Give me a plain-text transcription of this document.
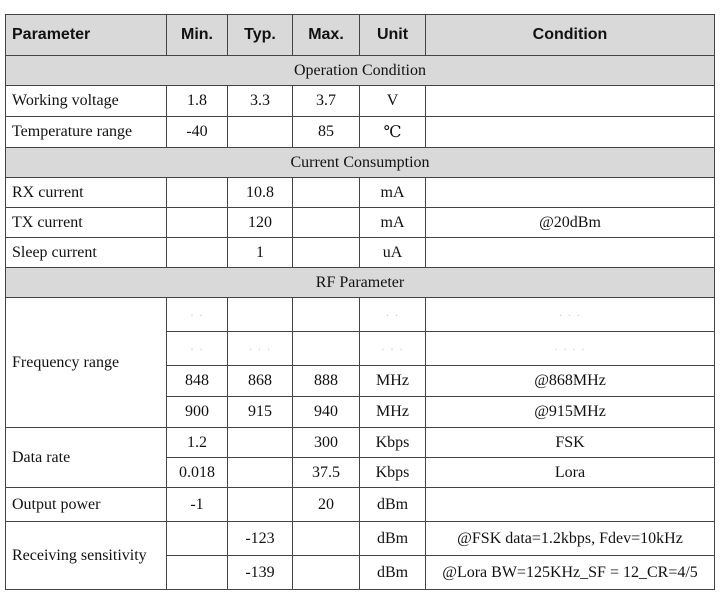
Parameter	Min.	Typ.	Max.	Unit	Condition
Operation Condition					
Working voltage	1.8	3.3	3.7	V	
Temperature range	-40		85	℃	
Current Consumption					
RX current		10.8		mA	
TX current		120		mA	@20dBm
Sleep current		1		uA	
RF Parameter					
Frequency range	· ·			· ·	· · ·
	· ·	· · ·		· · ·	· · · ·
	848	868	888	MHz	@868MHz
	900	915	940	MHz	@915MHz
Data rate	1.2		300	Kbps	FSK
	0.018		37.5	Kbps	Lora
Output power	-1		20	dBm	
Receiving sensitivity		-123		dBm	@FSK data=1.2kbps, Fdev=10kHz
		-139		dBm	@Lora BW=125KHz_SF = 12_CR=4/5
